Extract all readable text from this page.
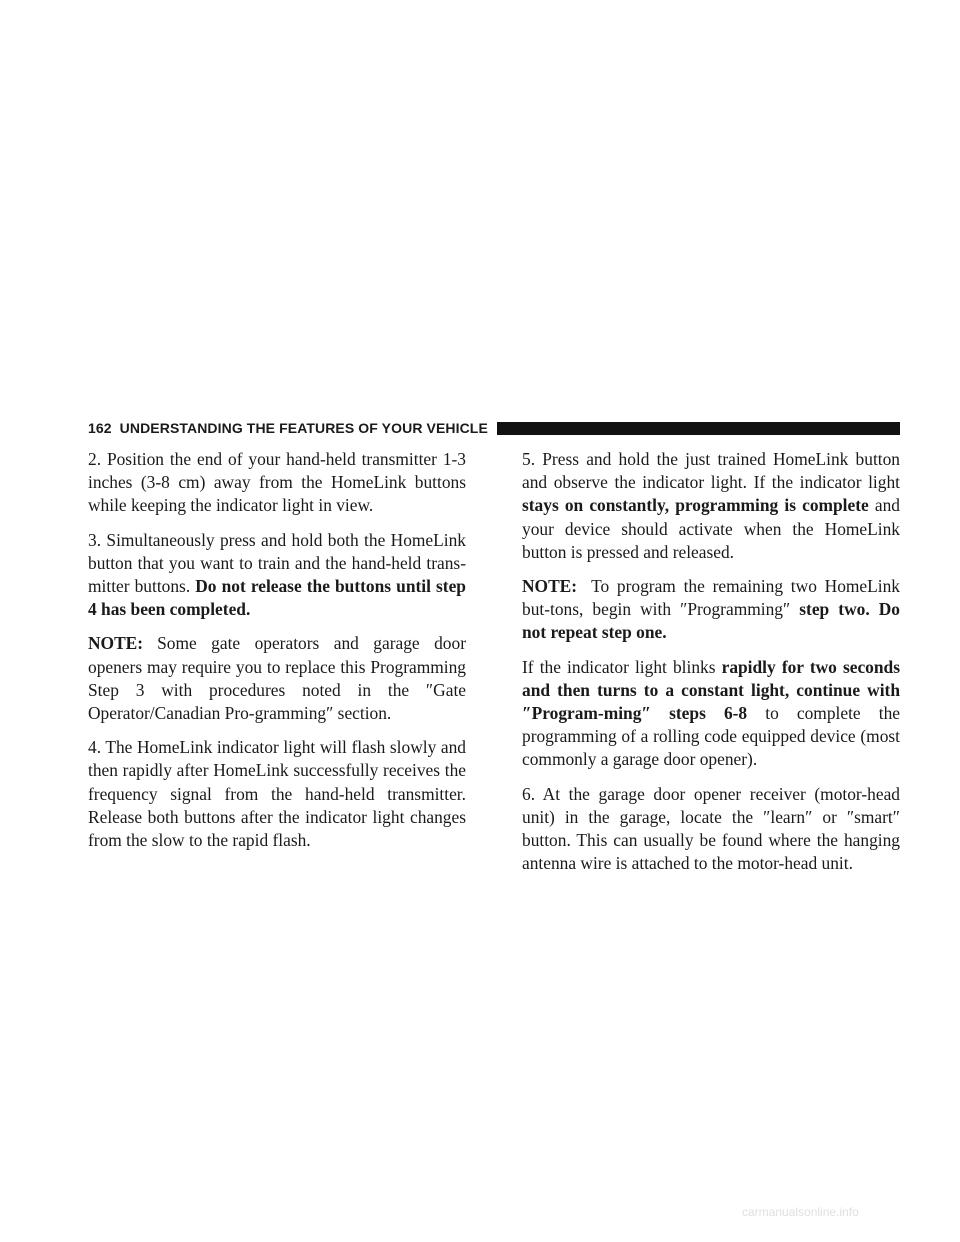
162 UNDERSTANDING THE FEATURES OF YOUR VEHICLE

2. Position the end of your hand-held transmitter 1-3 inches (3-8 cm) away from the HomeLink buttons while keeping the indicator light in view.

3. Simultaneously press and hold both the HomeLink button that you want to train and the hand-held trans-mitter buttons. Do not release the buttons until step 4 has been completed.

NOTE: Some gate operators and garage door openers may require you to replace this Programming Step 3 with procedures noted in the ″Gate Operator/Canadian Pro-gramming″ section.

4. The HomeLink indicator light will flash slowly and then rapidly after HomeLink successfully receives the frequency signal from the hand-held transmitter. Release both buttons after the indicator light changes from the slow to the rapid flash.

5. Press and hold the just trained HomeLink button and observe the indicator light. If the indicator light stays on constantly, programming is complete and your device should activate when the HomeLink button is pressed and released.

NOTE: To program the remaining two HomeLink but-tons, begin with ″Programming″ step two. Do not repeat step one.

If the indicator light blinks rapidly for two seconds and then turns to a constant light, continue with ″Program-ming″ steps 6-8 to complete the programming of a rolling code equipped device (most commonly a garage door opener).

6. At the garage door opener receiver (motor-head unit) in the garage, locate the ″learn″ or ″smart″ button. This can usually be found where the hanging antenna wire is attached to the motor-head unit.

carmanualsonline.info
